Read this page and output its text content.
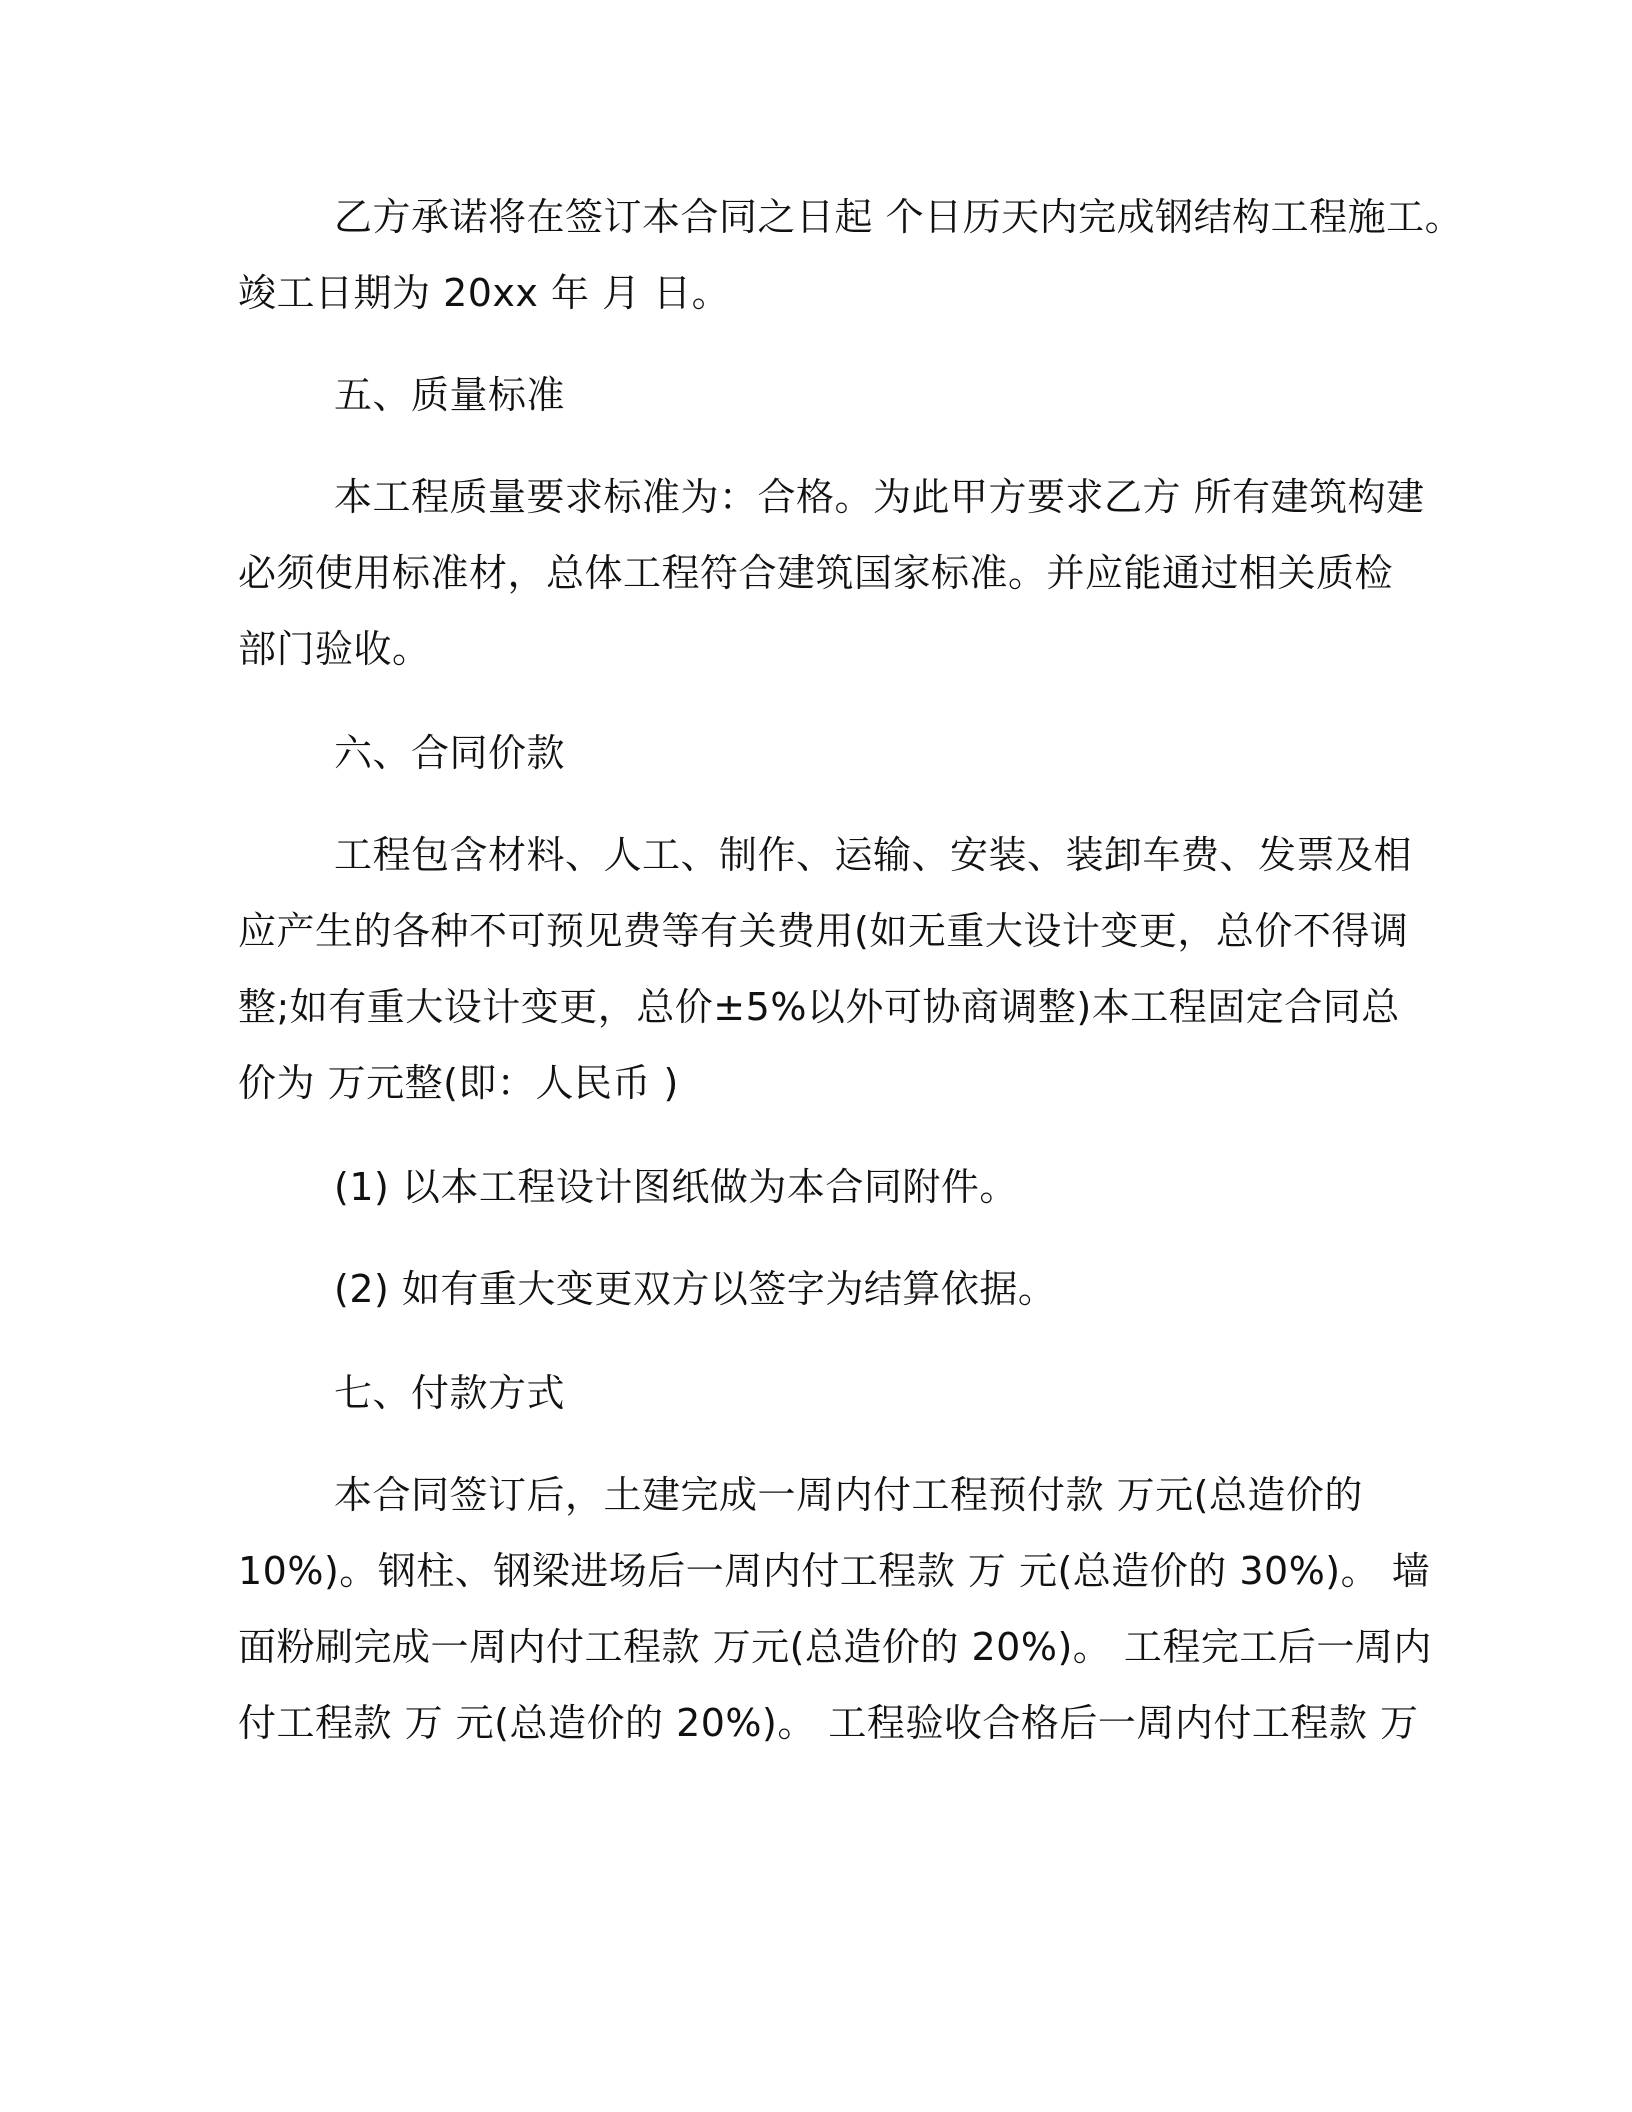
乙方承诺将在签订本合同之日起 个日历天内完成钢结构工程施工。
竣工日期为 20xx 年 月 日。
五、质量标准
本工程质量要求标准为：合格。为此甲方要求乙方 所有建筑构建
必须使用标准材，总体工程符合建筑国家标准。并应能通过相关质检
部门验收。
六、合同价款
工程包含材料、人工、制作、运输、安装、装卸车费、发票及相
应产生的各种不可预见费等有关费用(如无重大设计变更，总价不得调
整;如有重大设计变更，总价±5%以外可协商调整)本工程固定合同总
价为 万元整(即：人民币 )
(1) 以本工程设计图纸做为本合同附件。
(2) 如有重大变更双方以签字为结算依据。
七、付款方式
本合同签订后，土建完成一周内付工程预付款 万元(总造价的
10%)。钢柱、钢梁进场后一周内付工程款 万 元(总造价的 30%)。 墙
面粉刷完成一周内付工程款 万元(总造价的 20%)。 工程完工后一周内
付工程款 万 元(总造价的 20%)。 工程验收合格后一周内付工程款 万
